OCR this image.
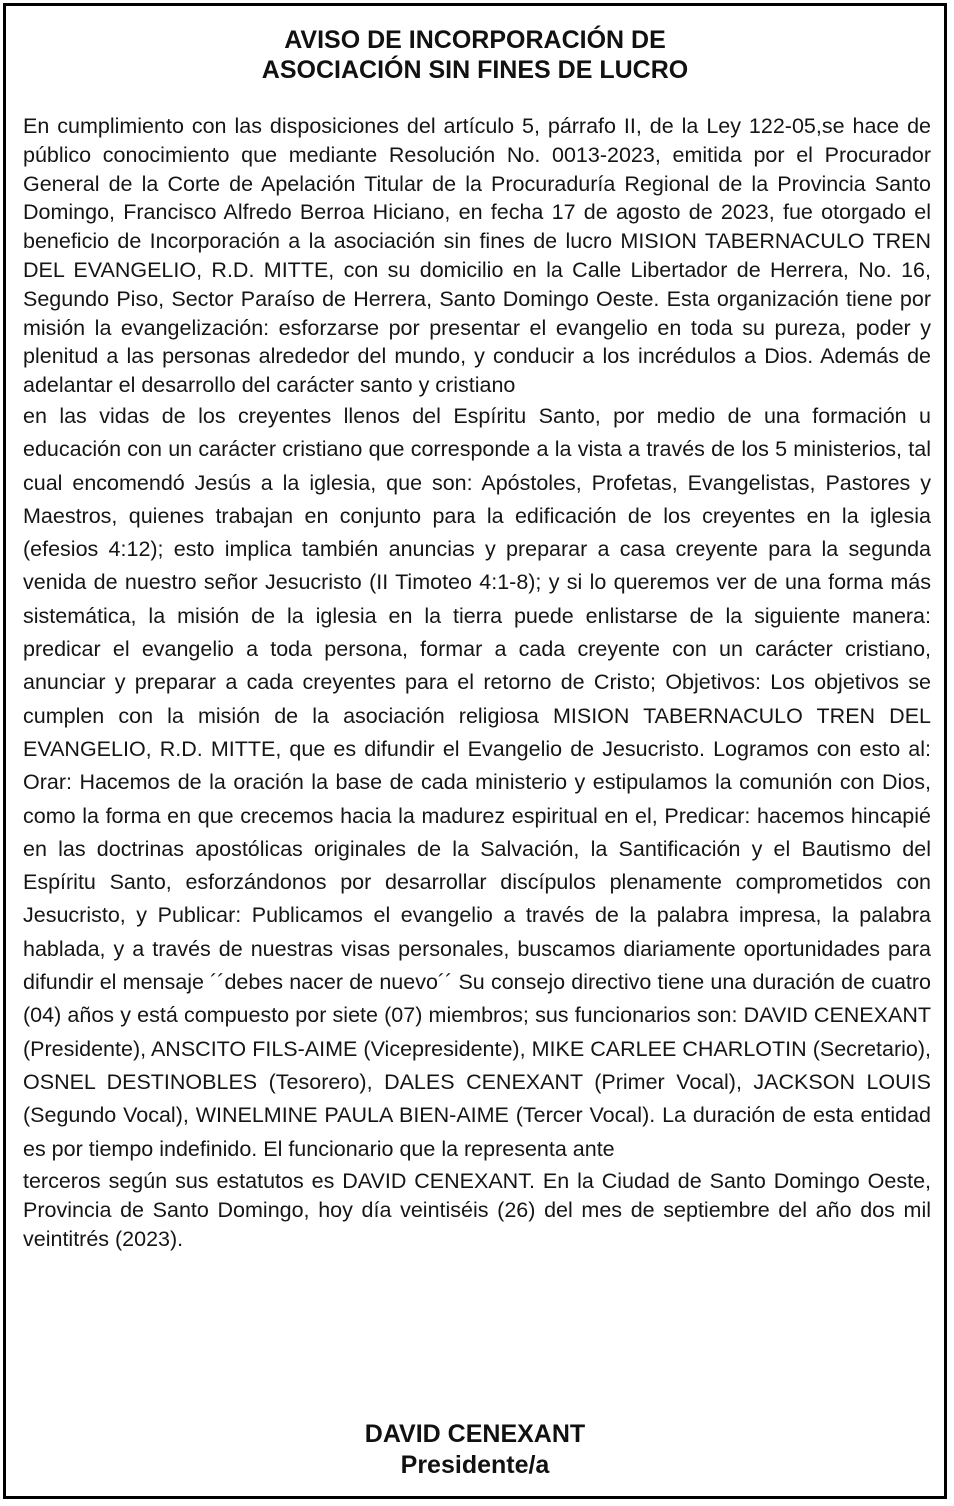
AVISO DE INCORPORACIÓN DE
ASOCIACIÓN SIN FINES DE LUCRO

En cumplimiento con las disposiciones del artículo 5, párrafo II, de la Ley 122-05,se hace de público conocimiento que mediante Resolución No. 0013-2023, emitida por el Procurador General de la Corte de Apelación Titular de la Procuraduría Regional de la Provincia Santo Domingo, Francisco Alfredo Berroa Hiciano, en fecha 17 de agosto de 2023, fue otorgado el beneficio de Incorporación a la asociación sin fines de lucro MISION TABERNACULO TREN DEL EVANGELIO, R.D. MITTE, con su domicilio en la Calle Libertador de Herrera, No. 16, Segundo Piso, Sector Paraíso de Herrera, Santo Domingo Oeste. Esta organización tiene por misión la evangelización: esforzarse por presentar el evangelio en toda su pureza, poder y plenitud a las personas alrededor del mundo, y conducir a los incrédulos a Dios. Además de adelantar el desarrollo del carácter santo y cristiano

en las vidas de los creyentes llenos del Espíritu Santo, por medio de una formación u educación con un carácter cristiano que corresponde a la vista a través de los 5 ministerios, tal cual encomendó Jesús a la iglesia, que son: Apóstoles, Profetas, Evangelistas, Pastores y Maestros, quienes trabajan en conjunto para la edificación de los creyentes en la iglesia (efesios 4:12); esto implica también anuncias y preparar a casa creyente para la segunda venida de nuestro señor Jesucristo (II Timoteo 4:1-8); y si lo queremos ver de una forma más sistemática, la misión de la iglesia en la tierra puede enlistarse de la siguiente manera: predicar el evangelio a toda persona, formar a cada creyente con un carácter cristiano, anunciar y preparar a cada creyentes para el retorno de Cristo; Objetivos: Los objetivos se cumplen con la misión de la asociación religiosa MISION TABERNACULO TREN DEL EVANGELIO, R.D. MITTE, que es difundir el Evangelio de Jesucristo. Logramos con esto al: Orar: Hacemos de la oración la base de cada ministerio y estipulamos la comunión con Dios, como la forma en que crecemos hacia la madurez espiritual en el, Predicar: hacemos hincapié en las doctrinas apostólicas originales de la Salvación, la Santificación y el Bautismo del Espíritu Santo, esforzándonos por desarrollar discípulos plenamente comprometidos con Jesucristo, y Publicar: Publicamos el evangelio a través de la palabra impresa, la palabra hablada, y a través de nuestras visas personales, buscamos diariamente oportunidades para difundir el mensaje ´´debes nacer de nuevo´´ Su consejo directivo tiene una duración de cuatro (04) años y está compuesto por siete (07) miembros; sus funcionarios son: DAVID CENEXANT (Presidente), ANSCITO FILS-AIME (Vicepresidente), MIKE CARLEE CHARLOTIN (Secretario), OSNEL DESTINOBLES (Tesorero), DALES CENEXANT (Primer Vocal), JACKSON LOUIS (Segundo Vocal), WINELMINE PAULA BIEN-AIME (Tercer Vocal). La duración de esta entidad es por tiempo indefinido. El funcionario que la representa ante

terceros según sus estatutos es DAVID CENEXANT. En la Ciudad de Santo Domingo Oeste, Provincia de Santo Domingo, hoy día veintiséis (26) del mes de septiembre del año dos mil veintitrés (2023).

DAVID CENEXANT
Presidente/a
